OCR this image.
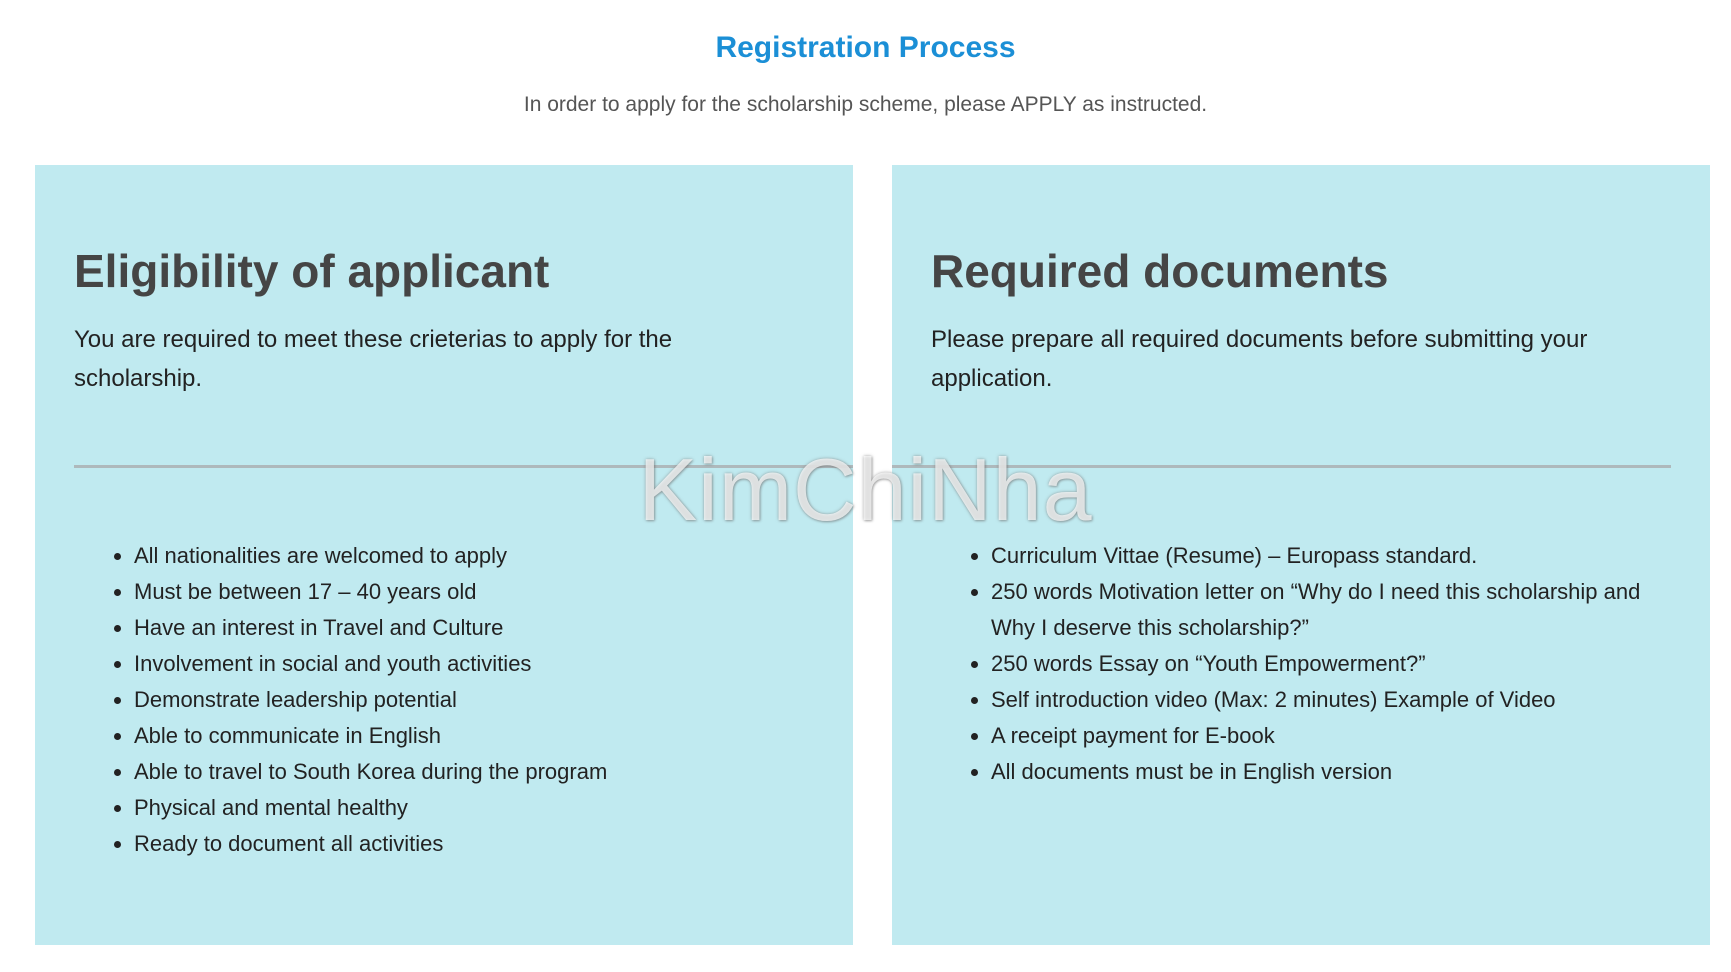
Registration Process

In order to apply for the scholarship scheme, please APPLY as instructed.

Eligibility of applicant

You are required to meet these crieterias to apply for the scholarship.

• All nationalities are welcomed to apply
• Must be between 17 – 40 years old
• Have an interest in Travel and Culture
• Involvement in social and youth activities
• Demonstrate leadership potential
• Able to communicate in English
• Able to travel to South Korea during the program
• Physical and mental healthy
• Ready to document all activities
Required documents

Please prepare all required documents before submitting your application.

• Curriculum Vittae (Resume) – Europass standard.
• 250 words Motivation letter on “Why do I need this scholarship and Why I deserve this scholarship?”
• 250 words Essay on “Youth Empowerment?”
• Self introduction video (Max: 2 minutes) Example of Video
• A receipt payment for E-book
• All documents must be in English version
KimChiNha
